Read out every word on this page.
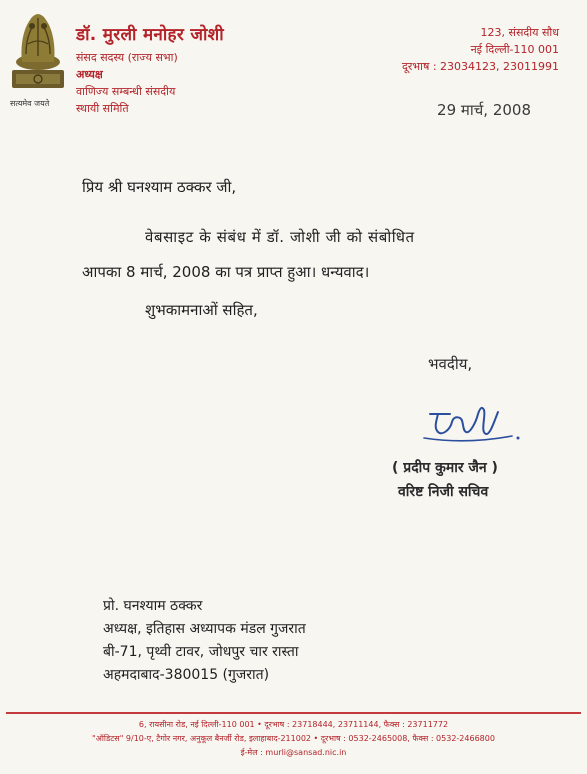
सत्यमेव जयते
डॉ. मुरली मनोहर जोशी
संसद सदस्य (राज्य सभा)
अध्यक्ष
वाणिज्य सम्बन्धी संसदीय
स्थायी समिति
123, संसदीय सौध
नई दिल्ली-110 001
दूरभाष : 23034123, 23011991
29 मार्च, 2008
प्रिय श्री घनश्याम ठक्कर जी,
वेबसाइट के संबंध में डॉ. जोशी जी को संबोधित
आपका 8 मार्च, 2008 का पत्र प्राप्त हुआ। धन्यवाद।
शुभकामनाओं सहित,
भवदीय,
( प्रदीप कुमार जैन )
वरिष्ट निजी सचिव
प्रो. घनश्याम ठक्कर
अध्यक्ष, इतिहास अध्यापक मंडल गुजरात
बी-71, पृथ्वी टावर, जोधपुर चार रास्ता
अहमदाबाद-380015 (गुजरात)
6, रायसीना रोड, नई दिल्ली-110 001 • दूरभाष : 23718444, 23711144, फैक्स : 23711772
"ऑडिटस" 9/10-ए, टैगोर नगर, अनुकूल बैनर्जी रोड, इलाहाबाद-211002 • दूरभाष : 0532-2465008, फैक्स : 0532-2466800
ई-मेल : murli@sansad.nic.in
